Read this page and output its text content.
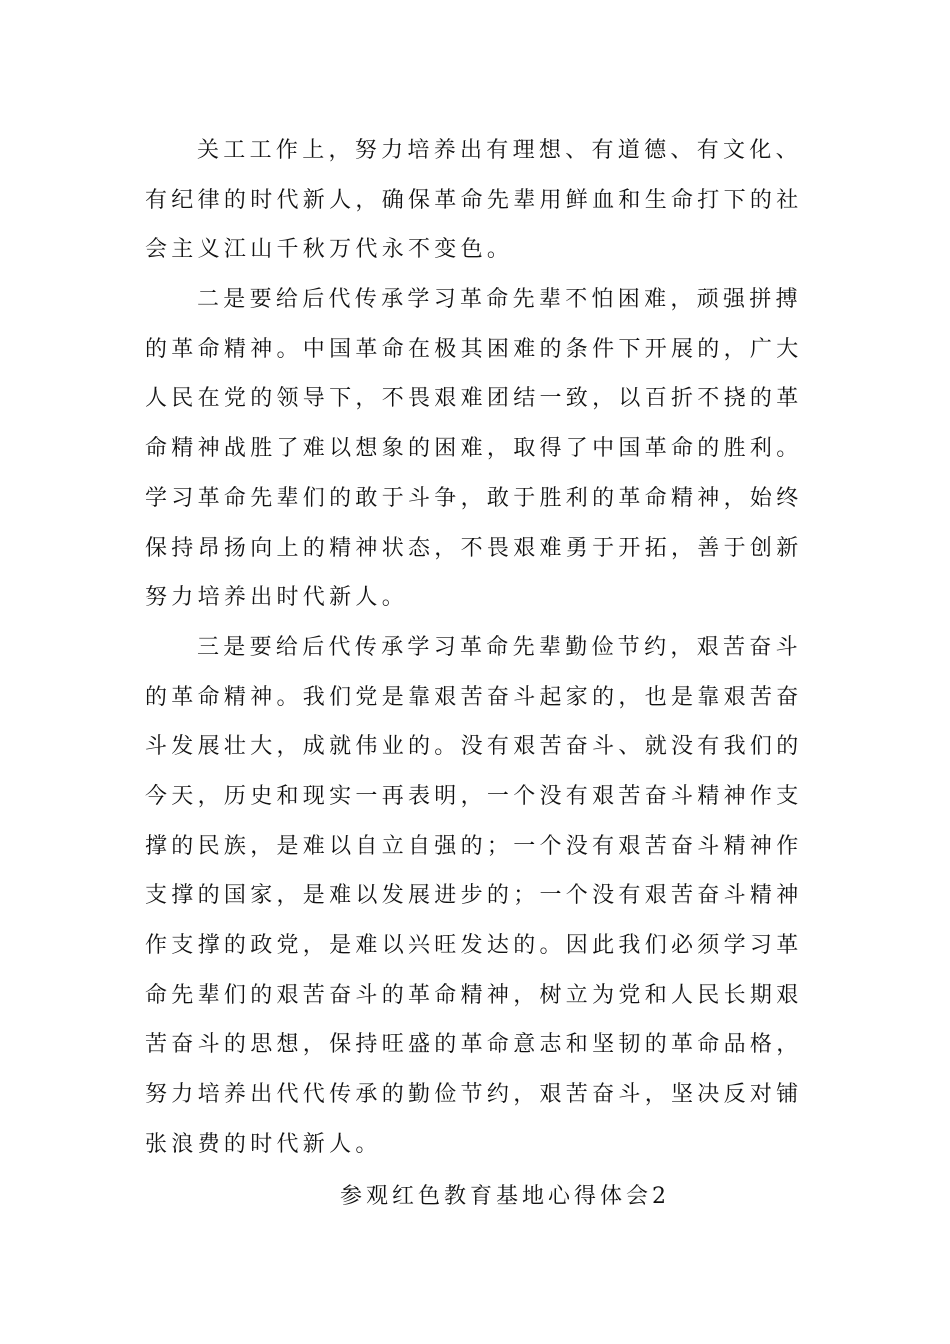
关工工作上，努力培养出有理想、有道德、有文化、
有纪律的时代新人，确保革命先辈用鲜血和生命打下的社
会主义江山千秋万代永不变色。
二是要给后代传承学习革命先辈不怕困难，顽强拼搏
的革命精神。中国革命在极其困难的条件下开展的，广大
人民在党的领导下，不畏艰难团结一致，以百折不挠的革
命精神战胜了难以想象的困难，取得了中国革命的胜利。
学习革命先辈们的敢于斗争，敢于胜利的革命精神，始终
保持昂扬向上的精神状态，不畏艰难勇于开拓，善于创新
努力培养出时代新人。
三是要给后代传承学习革命先辈勤俭节约，艰苦奋斗
的革命精神。我们党是靠艰苦奋斗起家的，也是靠艰苦奋
斗发展壮大，成就伟业的。没有艰苦奋斗、就没有我们的
今天，历史和现实一再表明，一个没有艰苦奋斗精神作支
撑的民族，是难以自立自强的；一个没有艰苦奋斗精神作
支撑的国家，是难以发展进步的；一个没有艰苦奋斗精神
作支撑的政党，是难以兴旺发达的。因此我们必须学习革
命先辈们的艰苦奋斗的革命精神，树立为党和人民长期艰
苦奋斗的思想，保持旺盛的革命意志和坚韧的革命品格，
努力培养出代代传承的勤俭节约，艰苦奋斗，坚决反对铺
张浪费的时代新人。
参观红色教育基地心得体会2
